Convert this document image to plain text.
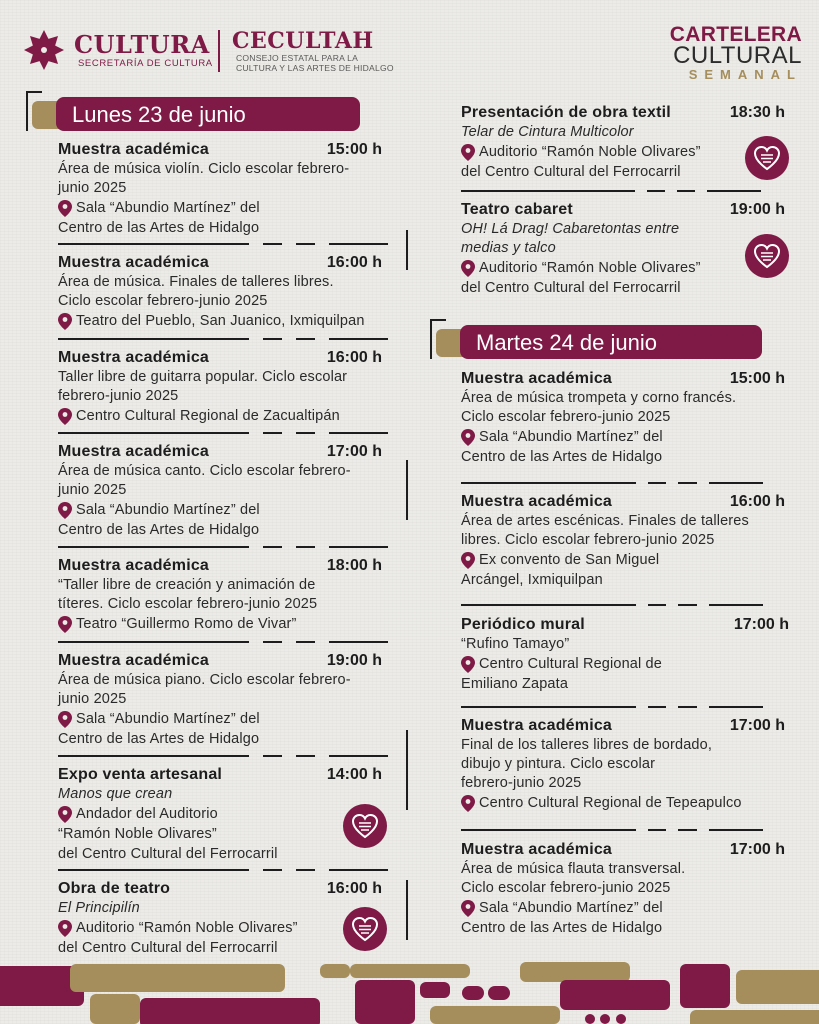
CULTURA
SECRETARÍA DE CULTURA
CECULTAH
CONSEJO ESTATAL PARA LA
CULTURA Y LAS ARTES DE HIDALGO
CARTELERA
CULTURAL
SEMANAL
Lunes 23 de junio
Martes 24 de junio
Muestra académica	15:00 h
Área de música violín. Ciclo escolar febrero-
junio 2025
Sala “Abundio Martínez” del
Centro de las Artes de Hidalgo
Muestra académica	16:00 h
Área de música. Finales de talleres libres.
Ciclo escolar febrero-junio 2025
Teatro del Pueblo, San Juanico, Ixmiquilpan
Muestra académica	16:00 h
Taller libre de guitarra popular. Ciclo escolar
febrero-junio 2025
Centro Cultural Regional de Zacualtipán
Muestra académica	17:00 h
Área de música canto. Ciclo escolar febrero-
junio 2025
Sala “Abundio Martínez” del
Centro de las Artes de Hidalgo
Muestra académica	18:00 h
“Taller libre de creación y animación de
títeres. Ciclo escolar febrero-junio 2025
Teatro “Guillermo Romo de Vivar”
Muestra académica	19:00 h
Área de música piano. Ciclo escolar febrero-
junio 2025
Sala “Abundio Martínez” del
Centro de las Artes de Hidalgo
Expo venta artesanal	14:00 h
Manos que crean
Andador del Auditorio
“Ramón Noble Olivares”
del Centro Cultural del Ferrocarril
Obra de teatro	16:00 h
El Principilín
Auditorio “Ramón Noble Olivares”
del Centro Cultural del Ferrocarril
Presentación de obra textil	18:30 h
Telar de Cintura Multicolor
Auditorio “Ramón Noble Olivares”
del Centro Cultural del Ferrocarril
Teatro cabaret	19:00 h
OH! Lá Drag! Cabaretontas entre
medias y talco
Auditorio “Ramón Noble Olivares”
del Centro Cultural del Ferrocarril
Muestra académica	15:00 h
Área de música trompeta y corno francés.
Ciclo escolar febrero-junio 2025
Sala “Abundio Martínez” del
Centro de las Artes de Hidalgo
Muestra académica	16:00 h
Área de artes escénicas. Finales de talleres
libres. Ciclo escolar febrero-junio 2025
Ex convento de San Miguel
Arcángel, Ixmiquilpan
Periódico mural	17:00 h
“Rufino Tamayo”
Centro Cultural Regional de
Emiliano Zapata
Muestra académica	17:00 h
Final de los talleres libres de bordado,
dibujo y pintura. Ciclo escolar
febrero-junio 2025
Centro Cultural Regional de Tepeapulco
Muestra académica	17:00 h
Área de música flauta transversal.
Ciclo escolar febrero-junio 2025
Sala “Abundio Martínez” del
Centro de las Artes de Hidalgo
